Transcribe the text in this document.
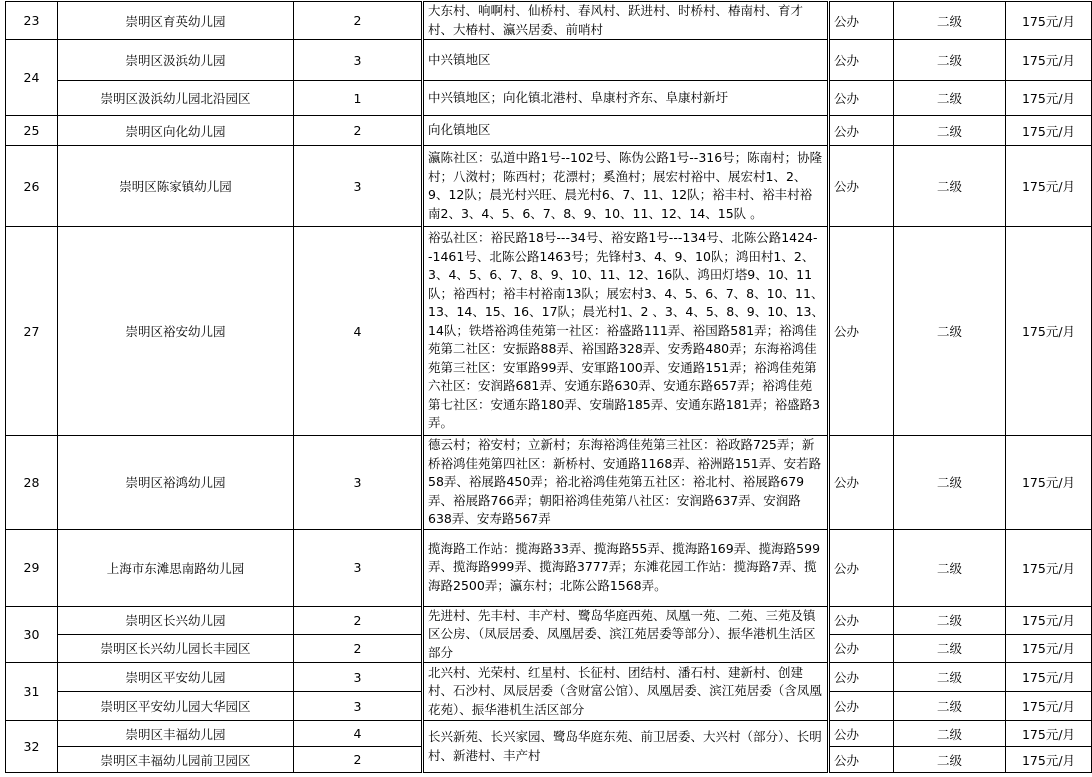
23	崇明区育英幼儿园	2	大东村、响啊村、仙桥村、春风村、跃进村、时桥村、椿南村、育才村、大椿村、瀛兴居委、前哨村	公办	二级	175元/月
24	崇明区汲浜幼儿园	3	中兴镇地区	公办	二级	175元/月
	崇明区汲浜幼儿园北沿园区	1	中兴镇地区；向化镇北港村、阜康村齐东、阜康村新圩	公办	二级	175元/月
25	崇明区向化幼儿园	2	向化镇地区	公办	二级	175元/月
26	崇明区陈家镇幼儿园	3	瀛陈社区：弘道中路1号--102号、陈伪公路1号--316号；陈南村；协隆村；八滧村；陈西村；花漂村；奚渔村；展宏村裕中、展宏村1、2、9、12队；晨光村兴旺、晨光村6、7、11、12队；裕丰村、裕丰村裕南2、3、4、5、6、7、8、9、10、11、12、14、15队 。	公办	二级	175元/月
27	崇明区裕安幼儿园	4	裕弘社区：裕民路18号---34号、裕安路1号---134号、北陈公路1424--1461号、北陈公路1463号；先锋村3、4、9、10队；鸿田村1、2、3、4、5、6、7、8、9、10、11、12、16队、鸿田灯塔9、10、11队；裕西村；裕丰村裕南13队；展宏村3、4、5、6、7、8、10、11、13、14、15、16、17队；晨光村1、2 、3、4、5、8、9、10、13、14队；铁塔裕鸿佳苑第一社区：裕盛路111弄、裕国路581弄；裕鸿佳苑第二社区：安振路88弄、裕国路328弄、安秀路480弄；东海裕鸿佳苑第三社区：安軍路99弄、安軍路100弄、安通路151弄；裕鸿佳苑第六社区：安润路681弄、安通东路630弄、安通东路657弄；裕鸿佳苑第七社区：安通东路180弄、安瑞路185弄、安通东路181弄；裕盛路3弄。	公办	二级	175元/月
28	崇明区裕鸿幼儿园	3	德云村；裕安村；立新村；东海裕鸿佳苑第三社区：裕政路725弄；新桥裕鸿佳苑第四社区：新桥村、安通路1168弄、裕洲路151弄、安若路58弄、裕展路450弄；裕北裕鸿佳苑第五社区：裕北村、裕展路679弄、裕展路766弄；朝阳裕鸿佳苑第八社区：安润路637弄、安润路638弄、安寿路567弄	公办	二级	175元/月
29	上海市东滩思南路幼儿园	3	揽海路工作站：揽海路33弄、揽海路55弄、揽海路169弄、揽海路599弄、揽海路999弄、揽海路3777弄；东滩花园工作站：揽海路7弄、揽海路2500弄；瀛东村；北陈公路1568弄。	公办	二级	175元/月
30	崇明区长兴幼儿园	2	先进村、先丰村、丰产村、鹭岛华庭西苑、凤凰一苑、二苑、三苑及镇区公房、（凤辰居委、凤凰居委、滨江苑居委等部分）、振华港机生活区部分	公办	二级	175元/月
	崇明区长兴幼儿园长丰园区	2		公办	二级	175元/月
31	崇明区平安幼儿园	3	北兴村、光荣村、红星村、长征村、团结村、潘石村、建新村、创建村、石沙村、凤辰居委（含财富公馆）、凤凰居委、滨江苑居委（含凤凰花苑）、振华港机生活区部分	公办	二级	175元/月
	崇明区平安幼儿园大华园区	3		公办	二级	175元/月
32	崇明区丰福幼儿园	4	长兴新苑、长兴家园、鹭岛华庭东苑、前卫居委、大兴村（部分）、长明村、新港村、丰产村	公办	二级	175元/月
	崇明区丰福幼儿园前卫园区	2		公办	二级	175元/月
